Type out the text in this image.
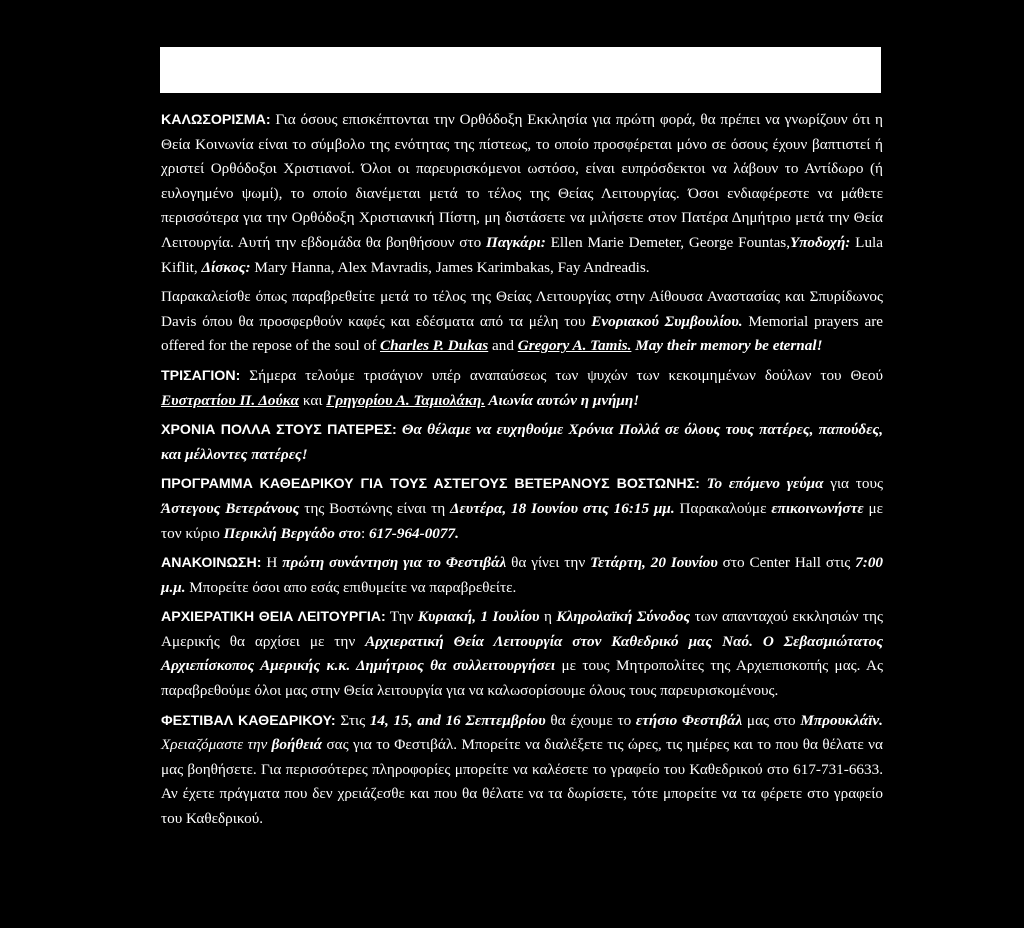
ΚΑΛΩΣΟΡΙΣΜΑ: Για όσους επισκέπτονται την Ορθόδοξη Εκκλησία για πρώτη φορά, θα πρέπει να γνωρίζουν ότι η Θεία Κοινωνία είναι το σύμβολο της ενότητας της πίστεως, το οποίο προσφέρεται μόνο σε όσους έχουν βαπτιστεί ή χριστεί Ορθόδοξοι Χριστιανοί. Όλοι οι παρευρισκόμενοι ωστόσο, είναι ευπρόσδεκτοι να λάβουν το Αντίδωρο (ή ευλογημένο ψωμί), το οποίο διανέμεται μετά το τέλος της Θείας Λειτουργίας. Όσοι ενδιαφέρεστε να μάθετε περισσότερα για την Ορθόδοξη Χριστιανική Πίστη, μη διστάσετε να μιλήσετε στον Πατέρα Δημήτριο μετά την Θεία Λειτουργία. Αυτή την εβδομάδα θα βοηθήσουν στο Παγκάρι: Ellen Marie Demeter, George Fountas,Υποδοχή: Lula Kiflit, Δίσκος: Mary Hanna, Alex Mavradis, James Karimbakas, Fay Andreadis.

Παρακαλείσθε όπως παραβρεθείτε μετά το τέλος της Θείας Λειτουργίας στην Αίθουσα Αναστασίας και Σπυρίδωνος Davis όπου θα προσφερθούν καφές και εδέσματα από τα μέλη του Ενοριακού Συμβουλίου. Memorial prayers are offered for the repose of the soul of Charles P. Dukas and Gregory A. Tamis. May their memory be eternal!

ΤΡΙΣΑΓΙΟΝ: Σήμερα τελούμε τρισάγιον υπέρ αναπαύσεως των ψυχών των κεκοιμημένων δούλων του Θεού Ευστρατίου Π. Δούκα και Γρηγορίου Α. Ταμιολάκη. Αιωνία αυτών η μνήμη!

ΧΡΟΝΙΑ ΠΟΛΛΑ ΣΤΟΥΣ ΠΑΤΕΡΕΣ: Θα θέλαμε να ευχηθούμε Χρόνια Πολλά σε όλους τους πατέρες, παπούδες, και μέλλοντες πατέρες!

ΠΡΟΓΡΑΜΜΑ ΚΑΘΕΔΡΙΚΟΥ ΓΙΑ ΤΟΥΣ ΑΣΤΕΓΟΥΣ ΒΕΤΕΡΑΝΟΥΣ ΒΟΣΤΩΝΗΣ: Το επόμενο γεύμα για τους Άστεγους Βετεράνους της Βοστώνης είναι τη Δευτέρα, 18 Ιουνίου στις 16:15 μμ. Παρακαλούμε επικοινωνήστε με τον κύριο Περικλή Βεργάδο στο: 617-964-0077.

ΑΝΑΚΟΙΝΩΣΗ: Η πρώτη συνάντηση για το Φεστιβάλ θα γίνει την Τετάρτη, 20 Ιουνίου στο Center Hall στις 7:00 μ.μ. Μπορείτε όσοι απο εσάς επιθυμείτε να παραβρεθείτε.

ΑΡΧΙΕΡΑΤΙΚΗ ΘΕΙΑ ΛΕΙΤΟΥΡΓΙΑ: Την Κυριακή, 1 Ιουλίου η Κληρολαϊκή Σύνοδος των απανταχού εκκλησιών της Αμερικής θα αρχίσει με την Αρχιερατική Θεία Λειτουργία στον Καθεδρικό μας Ναό. Ο Σεβασμιώτατος Αρχιεπίσκοπος Αμερικής κ.κ. Δημήτριος θα συλλειτουργήσει με τους Μητροπολίτες της Αρχιεπισκοπής μας. Ας παραβρεθούμε όλοι μας στην Θεία λειτουργία για να καλωσορίσουμε όλους τους παρευρισκομένους.

ΦΕΣΤΙΒΑΛ ΚΑΘΕΔΡΙΚΟΥ: Στις 14, 15, and 16 Σεπτεμβρίου θα έχουμε το ετήσιο Φεστιβάλ μας στο Μπρουκλάϊν. Χρειαζόμαστε την βοήθειά σας για το Φεστιβάλ. Μπορείτε να διαλέξετε τις ώρες, τις ημέρες και το που θα θέλατε να μας βοηθήσετε. Για περισσότερες πληροφορίες μπορείτε να καλέσετε το γραφείο του Καθεδρικού στο 617-731-6633. Αν έχετε πράγματα που δεν χρειάζεσθε και που θα θέλατε να τα δωρίσετε, τότε μπορείτε να τα φέρετε στο γραφείο του Καθεδρικού.
